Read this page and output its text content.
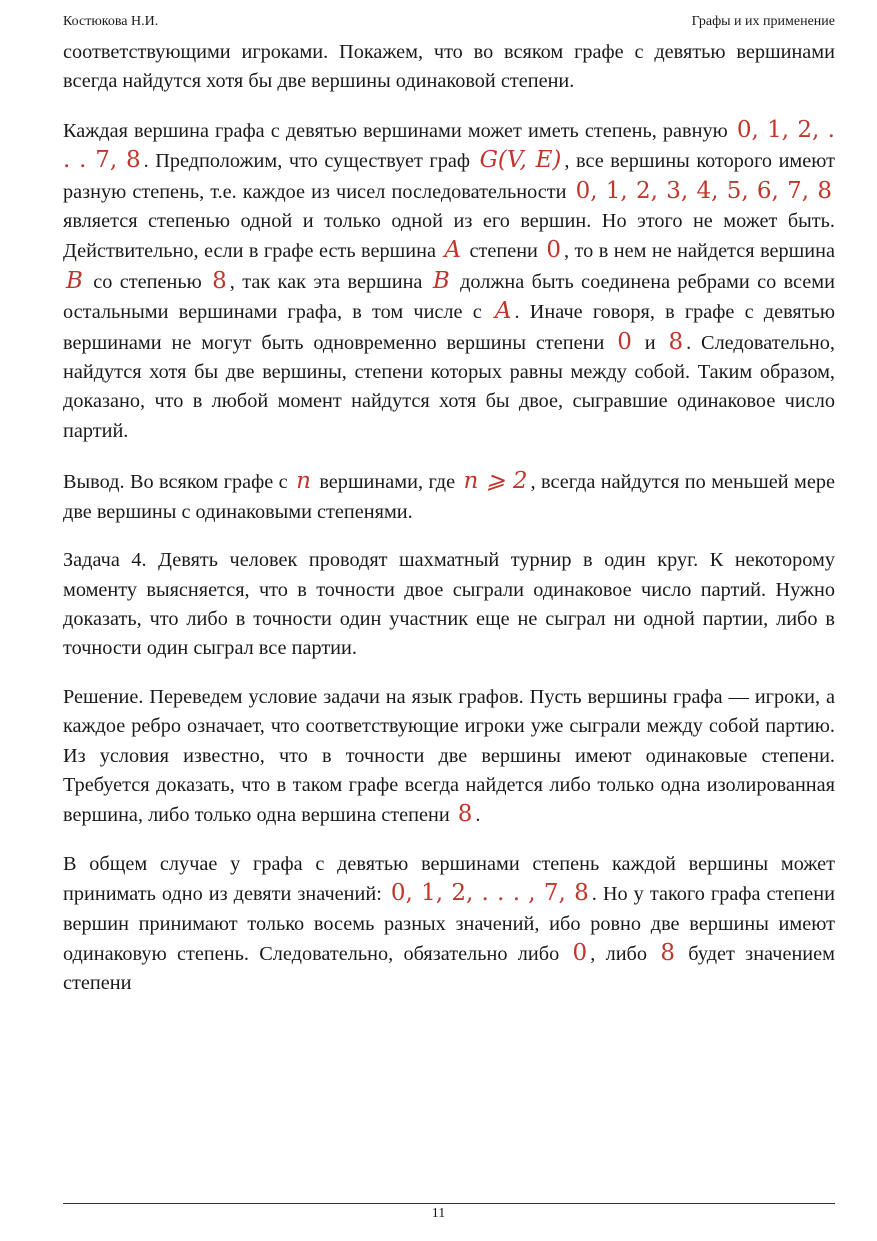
Костюкова Н.И.	Графы и их применение

соответствующими игроками. Покажем, что во всяком графе с девятью вершинами всегда найдутся хотя бы две вершины одинаковой степени.

Каждая вершина графа с девятью вершинами может иметь степень, равную 0, 1, 2, . . . 7, 8 . Предположим, что существует граф G(V, E) , все вершины которого имеют разную степень, т.е. каждое из чисел последовательности 0, 1, 2, 3, 4, 5, 6, 7, 8 является степенью одной и только одной из его вершин. Но этого не может быть. Действительно, если в графе есть вершина A степени 0 , то в нем не найдется вершина B со степенью 8 , так как эта вершина B должна быть соединена ребрами со всеми остальными вершинами графа, в том числе с A . Иначе говоря, в графе с девятью вершинами не могут быть одновременно вершины степени 0 и 8 . Следовательно, найдутся хотя бы две вершины, степени которых равны между собой. Таким образом, доказано, что в любой момент найдутся хотя бы двое, сыгравшие одинаковое число партий.

Вывод. Во всяком графе с n вершинами, где n ⩾ 2 , всегда найдутся по меньшей мере две вершины с одинаковыми степенями.

Задача 4. Девять человек проводят шахматный турнир в один круг. К некоторому моменту выясняется, что в точности двое сыграли одинаковое число партий. Нужно доказать, что либо в точности один участник еще не сыграл ни одной партии, либо в точности один сыграл все партии.

Решение. Переведем условие задачи на язык графов. Пусть вершины графа — игроки, а каждое ребро означает, что соответствующие игроки уже сыграли между собой партию. Из условия известно, что в точности две вершины имеют одинаковые степени. Требуется доказать, что в таком графе всегда найдется либо только одна изолированная вершина, либо только одна вершина степени 8 .

В общем случае у графа с девятью вершинами степень каждой вершины может принимать одно из девяти значений: 0, 1, 2, . . . , 7, 8 . Но у такого графа степени вершин принимают только восемь разных значений, ибо ровно две вершины имеют одинаковую степень. Следовательно, обязательно либо 0 , либо 8 будет значением степени

11
